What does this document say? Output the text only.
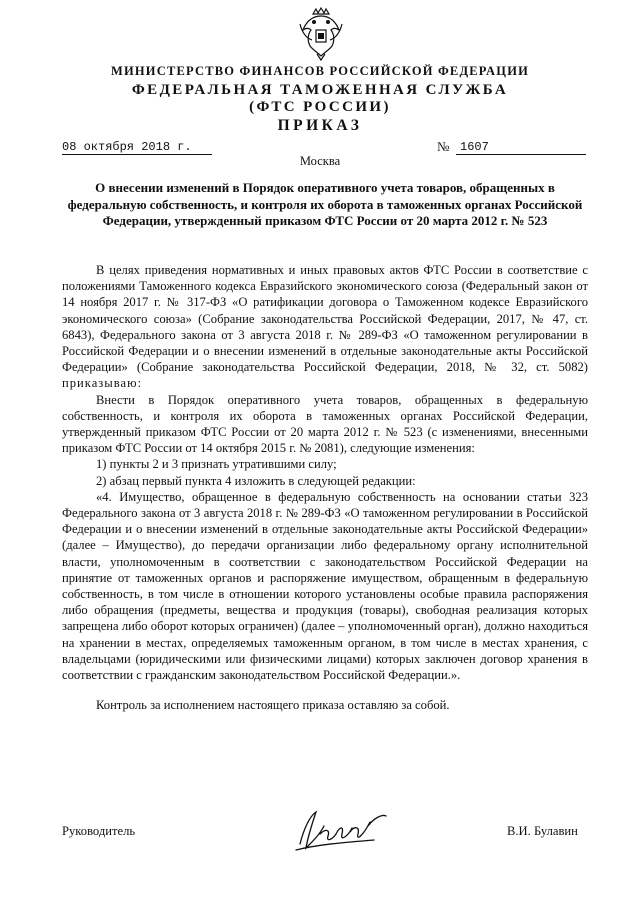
МИНИСТЕРСТВО ФИНАНСОВ РОССИЙСКОЙ ФЕДЕРАЦИИ
ФЕДЕРАЛЬНАЯ ТАМОЖЕННАЯ СЛУЖБА
(ФТС РОССИИ)
ПРИКАЗ
08 октября 2018 г.	№ 1607
Москва

О внесении изменений в Порядок оперативного учета товаров, обращенных в федеральную собственность, и контроля их оборота в таможенных органах Российской Федерации, утвержденный приказом ФТС России от 20 марта 2012 г. № 523

В целях приведения нормативных и иных правовых актов ФТС России в соответствие с положениями Таможенного кодекса Евразийского экономического союза (Федеральный закон от 14 ноября 2017 г. № 317-ФЗ «О ратификации договора о Таможенном кодексе Евразийского экономического союза» (Собрание законодательства Российской Федерации, 2017, № 47, ст. 6843), Федерального закона от 3 августа 2018 г. № 289-ФЗ «О таможенном регулировании в Российской Федерации и о внесении изменений в отдельные законодательные акты Российской Федерации» (Собрание законодательства Российской Федерации, 2018, № 32, ст. 5082) приказываю:

Внести в Порядок оперативного учета товаров, обращенных в федеральную собственность, и контроля их оборота в таможенных органах Российской Федерации, утвержденный приказом ФТС России от 20 марта 2012 г. № 523 (с изменениями, внесенными приказом ФТС России от 14 октября 2015 г. № 2081), следующие изменения:

1) пункты 2 и 3 признать утратившими силу;

2) абзац первый пункта 4 изложить в следующей редакции:

«4. Имущество, обращенное в федеральную собственность на основании статьи 323 Федерального закона от 3 августа 2018 г. № 289-ФЗ «О таможенном регулировании в Российской Федерации и о внесении изменений в отдельные законодательные акты Российской Федерации» (далее – Имущество), до передачи организации либо федеральному органу исполнительной власти, уполномоченным в соответствии с законодательством Российской Федерации на принятие от таможенных органов и распоряжение имуществом, обращенным в федеральную собственность, в том числе в отношении которого установлены особые правила распоряжения либо обращения (предметы, вещества и продукция (товары), свободная реализация которых запрещена либо оборот которых ограничен) (далее – уполномоченный орган), должно находиться на хранении в местах, определяемых таможенным органом, в том числе в местах хранения, с владельцами (юридическими или физическими лицами) которых заключен договор хранения в соответствии с гражданским законодательством Российской Федерации.».

Контроль за исполнением настоящего приказа оставляю за собой.

Руководитель	В.И. Булавин
